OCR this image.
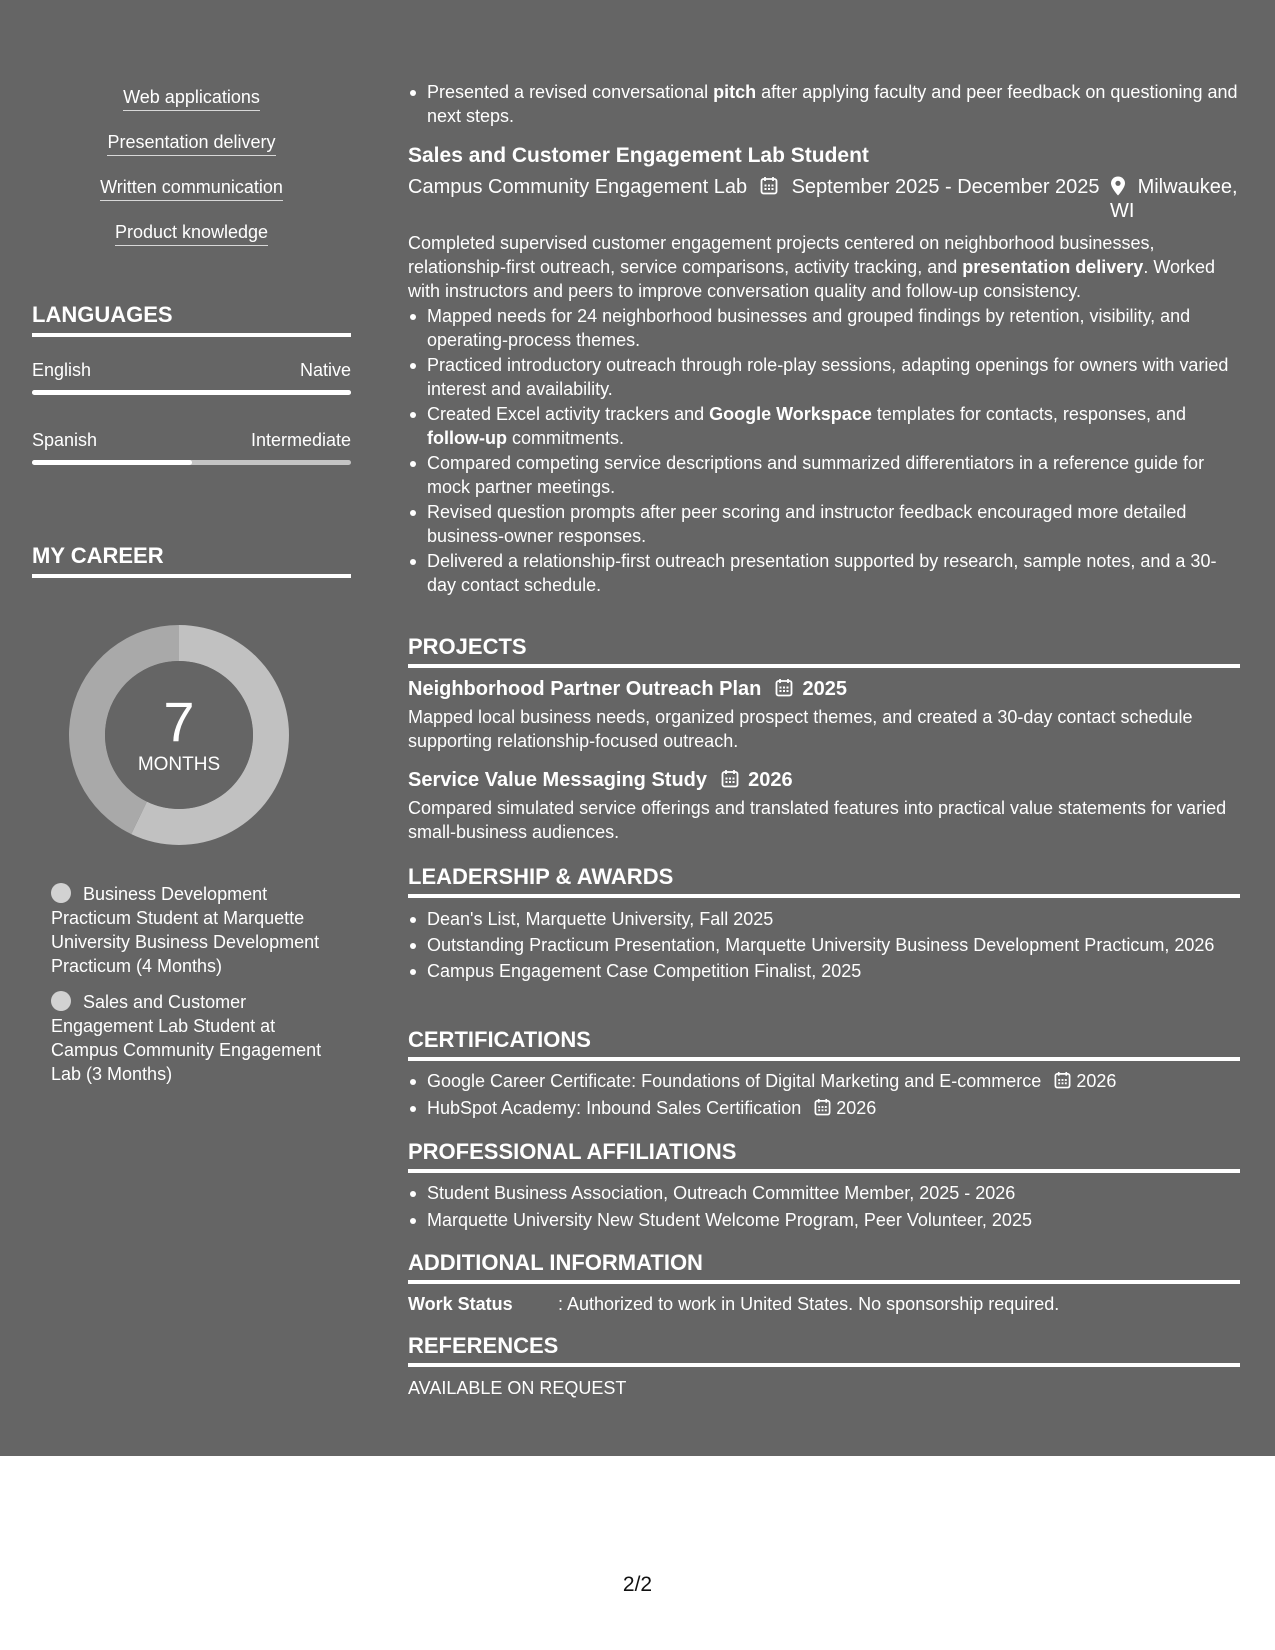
Web applications
Presentation delivery
Written communication
Product knowledge
LANGUAGES
English	Native
Spanish	Intermediate
MY CAREER
7
MONTHS
Business Development Practicum Student at Marquette University Business Development Practicum (4 Months)
Sales and Customer Engagement Lab Student at Campus Community Engagement Lab (3 Months)
Presented a revised conversational pitch after applying faculty and peer feedback on questioning and next steps.
Sales and Customer Engagement Lab Student
Campus Community Engagement Lab	September 2025 - December 2025	Milwaukee, WI
Completed supervised customer engagement projects centered on neighborhood businesses, relationship-first outreach, service comparisons, activity tracking, and presentation delivery. Worked with instructors and peers to improve conversation quality and follow-up consistency.
Mapped needs for 24 neighborhood businesses and grouped findings by retention, visibility, and operating-process themes.
Practiced introductory outreach through role-play sessions, adapting openings for owners with varied interest and availability.
Created Excel activity trackers and Google Workspace templates for contacts, responses, and follow-up commitments.
Compared competing service descriptions and summarized differentiators in a reference guide for mock partner meetings.
Revised question prompts after peer scoring and instructor feedback encouraged more detailed business-owner responses.
Delivered a relationship-first outreach presentation supported by research, sample notes, and a 30-day contact schedule.
PROJECTS
Neighborhood Partner Outreach Plan 2025
Mapped local business needs, organized prospect themes, and created a 30-day contact schedule supporting relationship-focused outreach.
Service Value Messaging Study 2026
Compared simulated service offerings and translated features into practical value statements for varied small-business audiences.
LEADERSHIP & AWARDS
Dean's List, Marquette University, Fall 2025
Outstanding Practicum Presentation, Marquette University Business Development Practicum, 2026
Campus Engagement Case Competition Finalist, 2025
CERTIFICATIONS
Google Career Certificate: Foundations of Digital Marketing and E-commerce 2026
HubSpot Academy: Inbound Sales Certification 2026
PROFESSIONAL AFFILIATIONS
Student Business Association, Outreach Committee Member, 2025 - 2026
Marquette University New Student Welcome Program, Peer Volunteer, 2025
ADDITIONAL INFORMATION
Work Status	: Authorized to work in United States. No sponsorship required.
REFERENCES
AVAILABLE ON REQUEST
2/2
